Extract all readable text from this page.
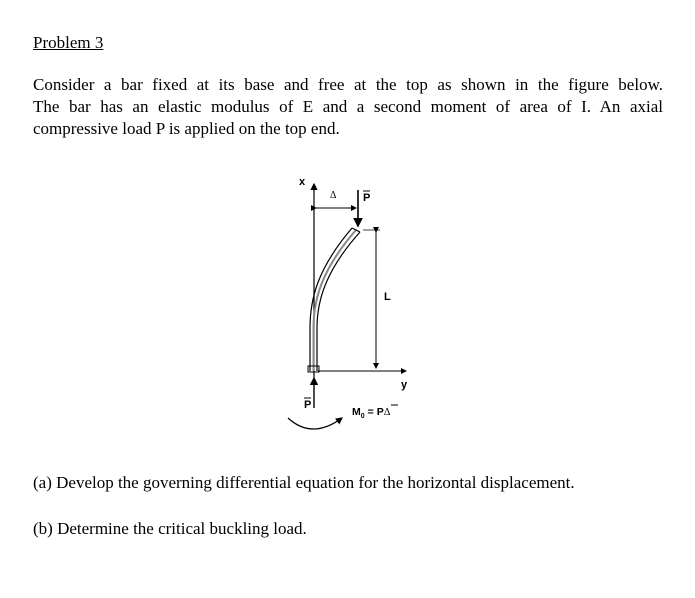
Problem 3

Consider a bar fixed at its base and free at the top as shown in the figure below.
The bar has an elastic modulus of E and a second moment of area of I. An axial
compressive load P is applied on the top end.

x
Δ P
L
y
P
$M_0 = P\Delta$
(a) Develop the governing differential equation for the horizontal displacement.
(b) Determine the critical buckling load.
